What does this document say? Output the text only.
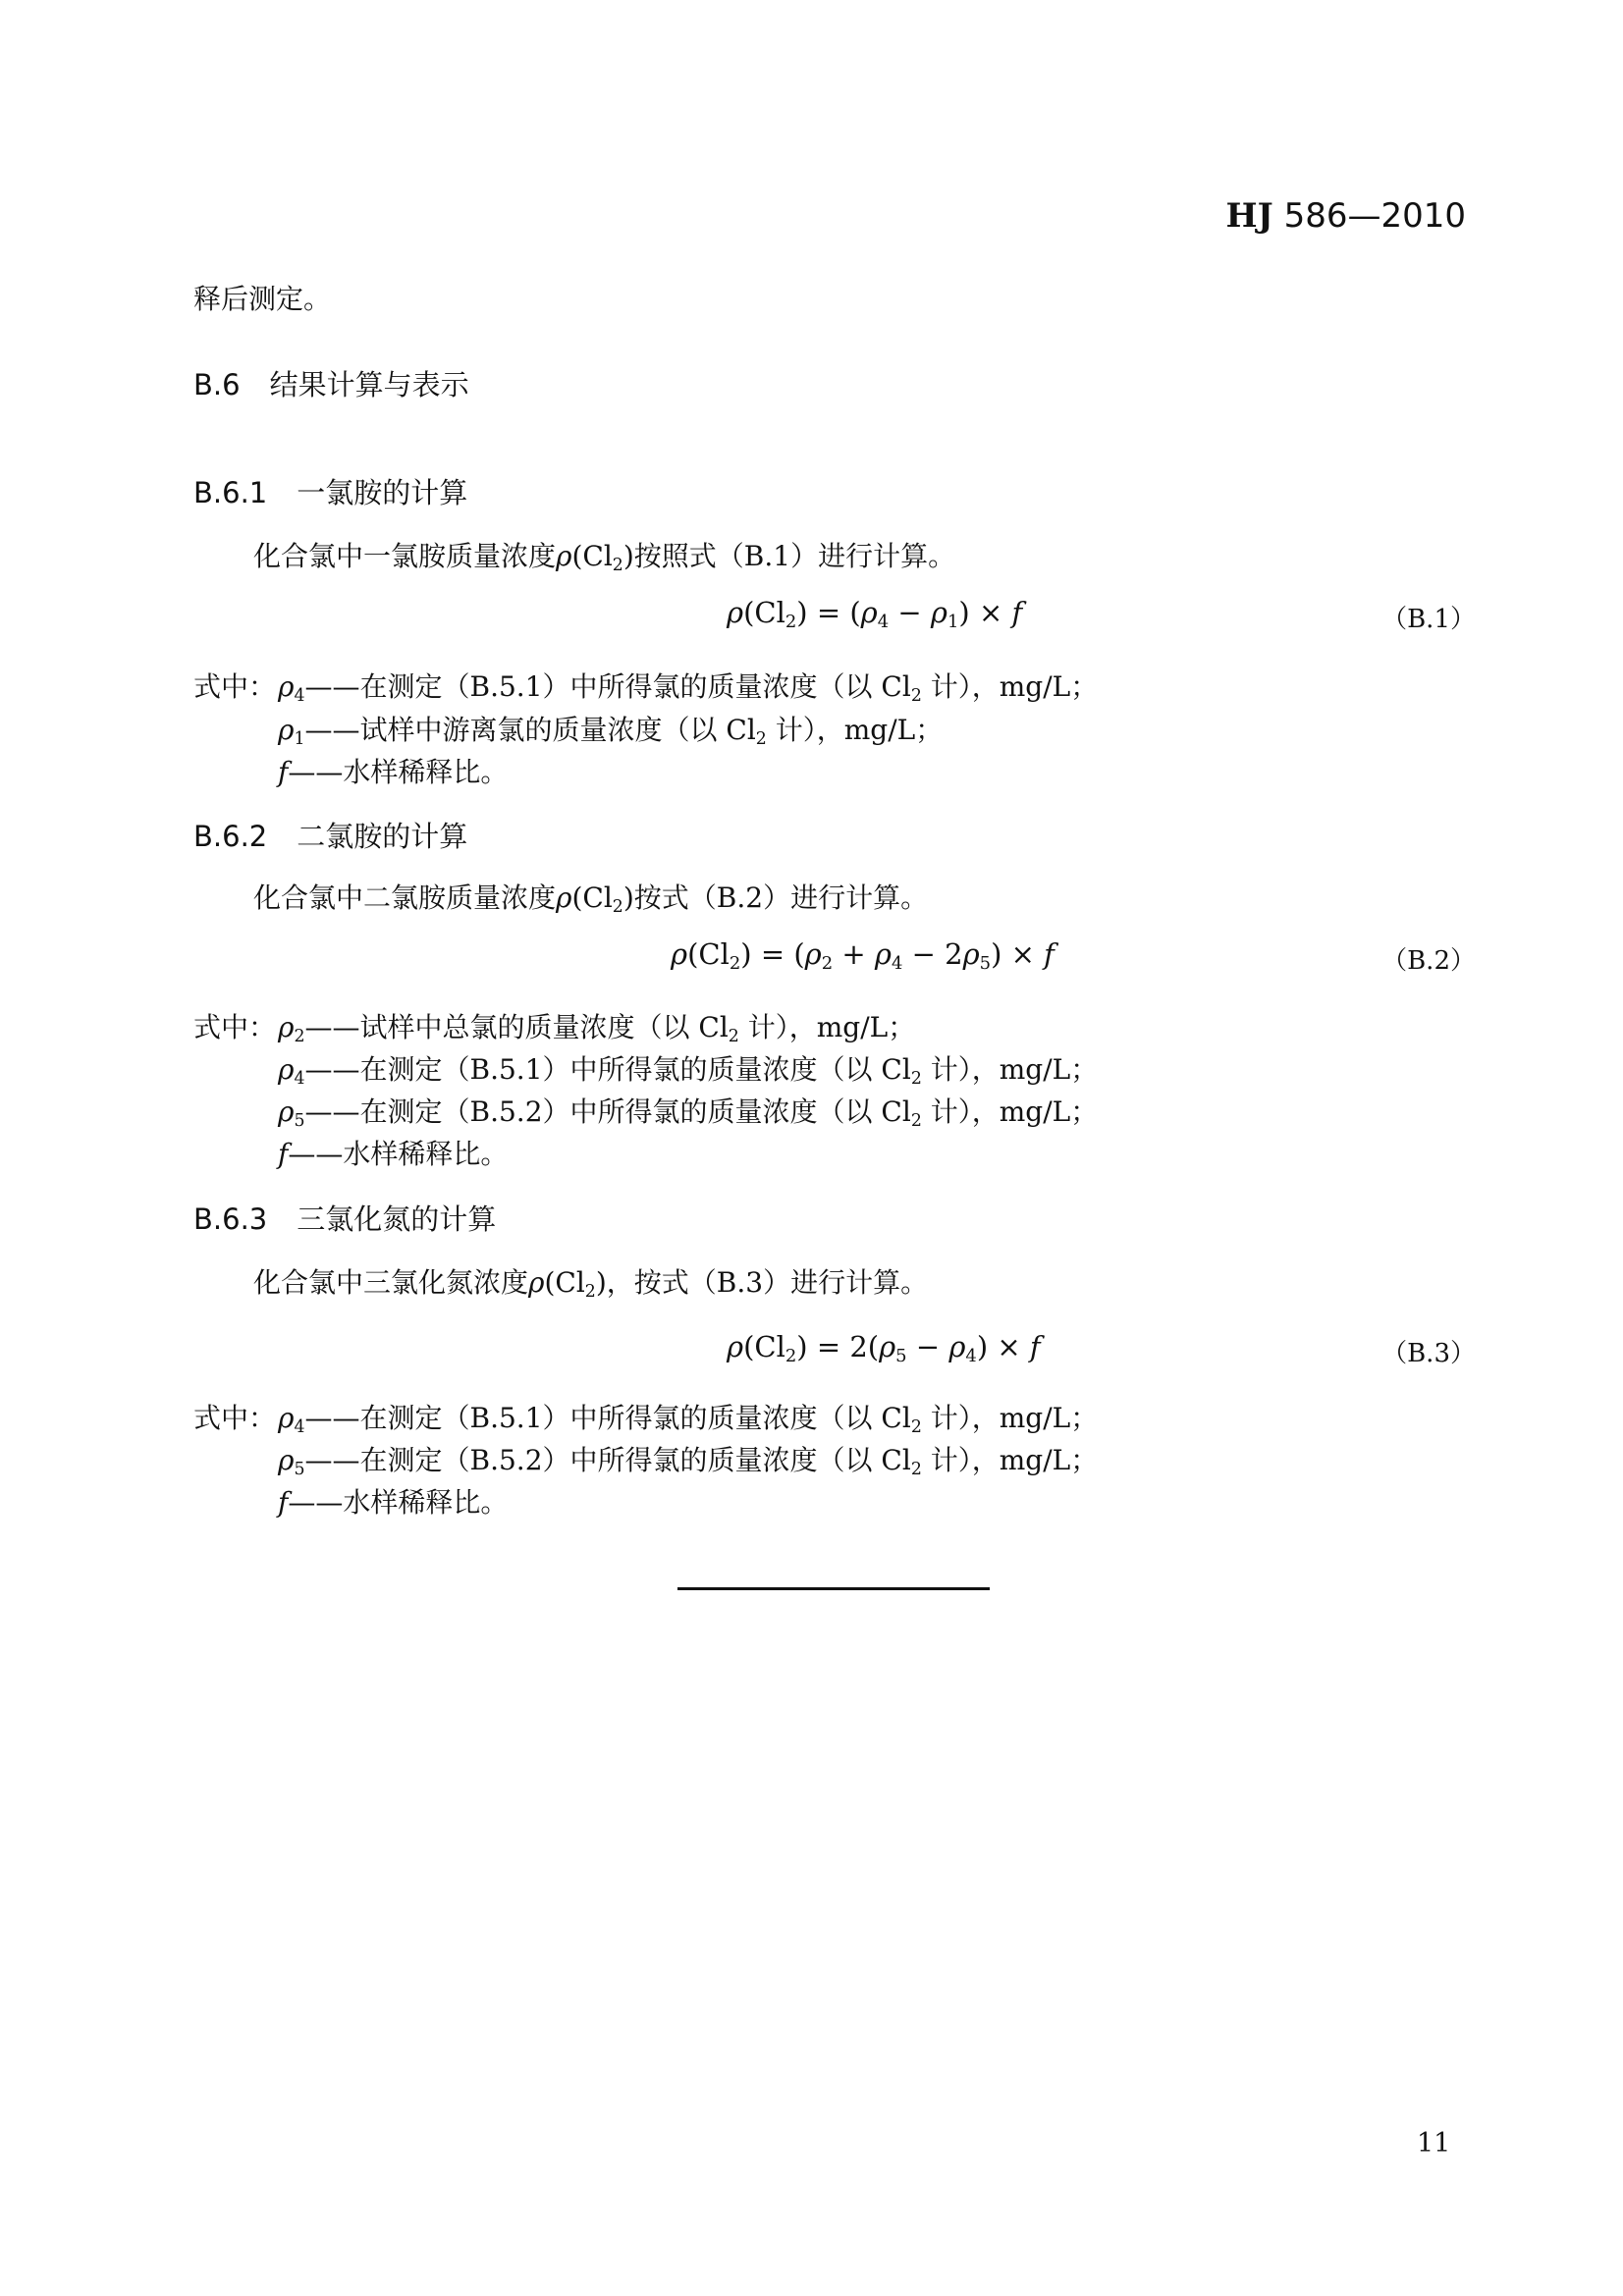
HJ 586—2010
释后测定。
B.6 结果计算与表示
B.6.1 一氯胺的计算
化合氯中一氯胺质量浓度$\rho(Cl_2)$按照式（B.1）进行计算。
$\rho(Cl_2) = (\rho_4 - \rho_1) \times f$	（B.1）
式中： $\rho_4——$在测定（B.5.1）中所得氯的质量浓度（以 $Cl_2$ 计），mg/L；
$\rho_1——$试样中游离氯的质量浓度（以 $Cl_2$ 计），mg/L；
f——水样稀释比。
B.6.2 二氯胺的计算
化合氯中二氯胺质量浓度$\rho(Cl_2)$按式（B.2）进行计算。
$\rho(Cl_2) = (\rho_2 + \rho_4 - 2\rho_5) \times f$	（B.2）
式中： $\rho_2——$试样中总氯的质量浓度（以 $Cl_2$ 计），mg/L；
$\rho_4——$在测定（B.5.1）中所得氯的质量浓度（以 $Cl_2$ 计），mg/L；
$\rho_5——$在测定（B.5.2）中所得氯的质量浓度（以 $Cl_2$ 计），mg/L；
f——水样稀释比。
B.6.3 三氯化氮的计算
化合氯中三氯化氮浓度$\rho(Cl_2)$，按式（B.3）进行计算。
$\rho(Cl_2) = 2(\rho_5 - \rho_4) \times f$	（B.3）
式中： $\rho_4——$在测定（B.5.1）中所得氯的质量浓度（以 $Cl_2$ 计），mg/L；
$\rho_5——$在测定（B.5.2）中所得氯的质量浓度（以 $Cl_2$ 计），mg/L；
f——水样稀释比。
11
